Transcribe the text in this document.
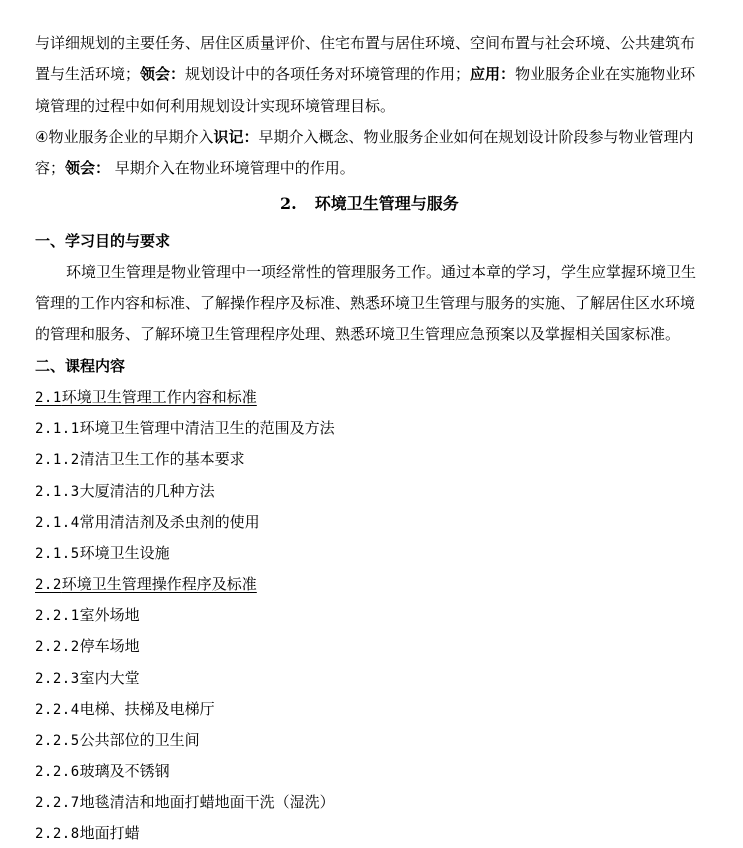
与详细规划的主要任务、居住区质量评价、住宅布置与居住环境、空间布置与社会环境、公共建筑布
置与生活环境；领会：规划设计中的各项任务对环境管理的作用；应用：物业服务企业在实施物业环
境管理的过程中如何利用规划设计实现环境管理目标。
④物业服务企业的早期介入识记：早期介入概念、物业服务企业如何在规划设计阶段参与物业管理内
容；领会： 早期介入在物业环境管理中的作用。
2. 环境卫生管理与服务
一、学习目的与要求
环境卫生管理是物业管理中一项经常性的管理服务工作。通过本章的学习，学生应掌握环境卫生
管理的工作内容和标准、了解操作程序及标准、熟悉环境卫生管理与服务的实施、了解居住区水环境
的管理和服务、了解环境卫生管理程序处理、熟悉环境卫生管理应急预案以及掌握相关国家标准。
二、课程内容
2.1环境卫生管理工作内容和标准
2.1.1环境卫生管理中清洁卫生的范围及方法
2.1.2清洁卫生工作的基本要求
2.1.3大厦清洁的几种方法
2.1.4常用清洁剂及杀虫剂的使用
2.1.5环境卫生设施
2.2环境卫生管理操作程序及标准
2.2.1室外场地
2.2.2停车场地
2.2.3室内大堂
2.2.4电梯、扶梯及电梯厅
2.2.5公共部位的卫生间
2.2.6玻璃及不锈钢
2.2.7地毯清洁和地面打蜡地面干洗（湿洗）
2.2.8地面打蜡
